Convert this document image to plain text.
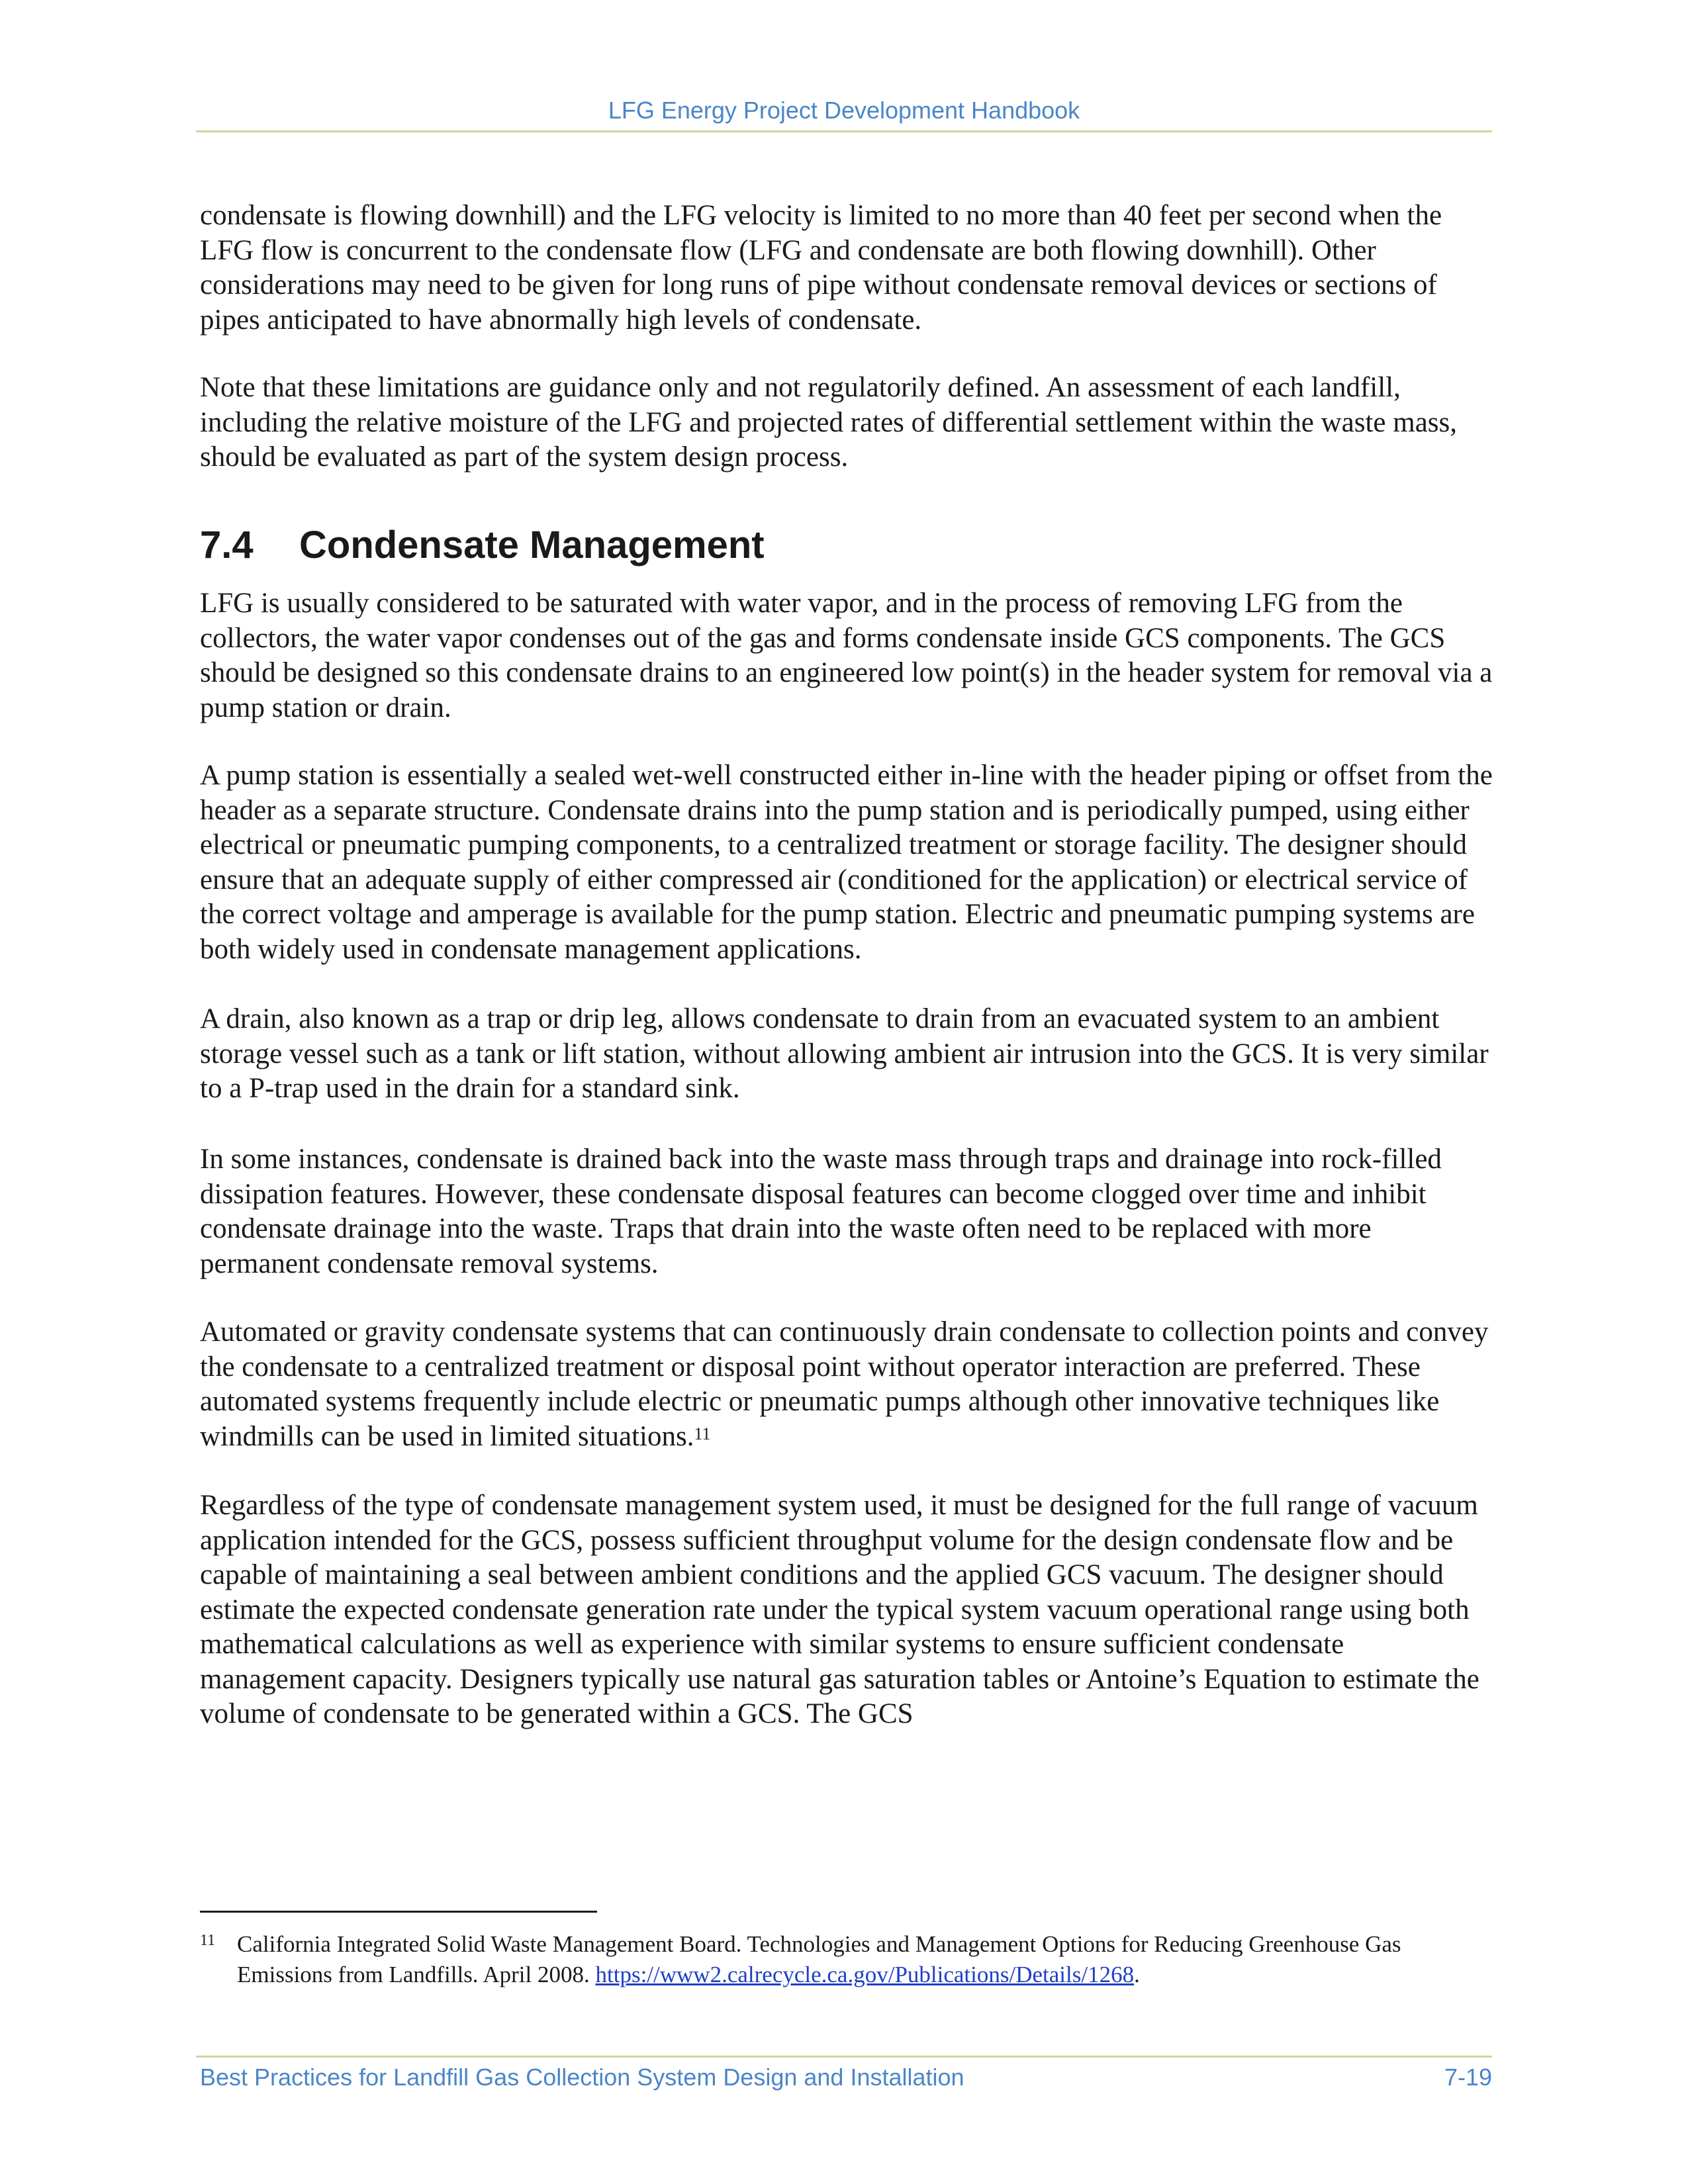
LFG Energy Project Development Handbook

condensate is flowing downhill) and the LFG velocity is limited to no more than 40 feet per second when the LFG flow is concurrent to the condensate flow (LFG and condensate are both flowing downhill). Other considerations may need to be given for long runs of pipe without condensate removal devices or sections of pipes anticipated to have abnormally high levels of condensate.

Note that these limitations are guidance only and not regulatorily defined. An assessment of each landfill, including the relative moisture of the LFG and projected rates of differential settlement within the waste mass, should be evaluated as part of the system design process.

7.4 Condensate Management

LFG is usually considered to be saturated with water vapor, and in the process of removing LFG from the collectors, the water vapor condenses out of the gas and forms condensate inside GCS components. The GCS should be designed so this condensate drains to an engineered low point(s) in the header system for removal via a pump station or drain.

A pump station is essentially a sealed wet-well constructed either in-line with the header piping or offset from the header as a separate structure. Condensate drains into the pump station and is periodically pumped, using either electrical or pneumatic pumping components, to a centralized treatment or storage facility. The designer should ensure that an adequate supply of either compressed air (conditioned for the application) or electrical service of the correct voltage and amperage is available for the pump station. Electric and pneumatic pumping systems are both widely used in condensate management applications.

A drain, also known as a trap or drip leg, allows condensate to drain from an evacuated system to an ambient storage vessel such as a tank or lift station, without allowing ambient air intrusion into the GCS. It is very similar to a P-trap used in the drain for a standard sink.

In some instances, condensate is drained back into the waste mass through traps and drainage into rock-filled dissipation features. However, these condensate disposal features can become clogged over time and inhibit condensate drainage into the waste. Traps that drain into the waste often need to be replaced with more permanent condensate removal systems.

Automated or gravity condensate systems that can continuously drain condensate to collection points and convey the condensate to a centralized treatment or disposal point without operator interaction are preferred. These automated systems frequently include electric or pneumatic pumps although other innovative techniques like windmills can be used in limited situations.$^{11}$

Regardless of the type of condensate management system used, it must be designed for the full range of vacuum application intended for the GCS, possess sufficient throughput volume for the design condensate flow and be capable of maintaining a seal between ambient conditions and the applied GCS vacuum. The designer should estimate the expected condensate generation rate under the typical system vacuum operational range using both mathematical calculations as well as experience with similar systems to ensure sufficient condensate management capacity. Designers typically use natural gas saturation tables or Antoine’s Equation to estimate the volume of condensate to be generated within a GCS. The GCS

11 California Integrated Solid Waste Management Board. Technologies and Management Options for Reducing Greenhouse Gas Emissions from Landfills. April 2008. https://www2.calrecycle.ca.gov/Publications/Details/1268.
Best Practices for Landfill Gas Collection System Design and Installation	7-19
